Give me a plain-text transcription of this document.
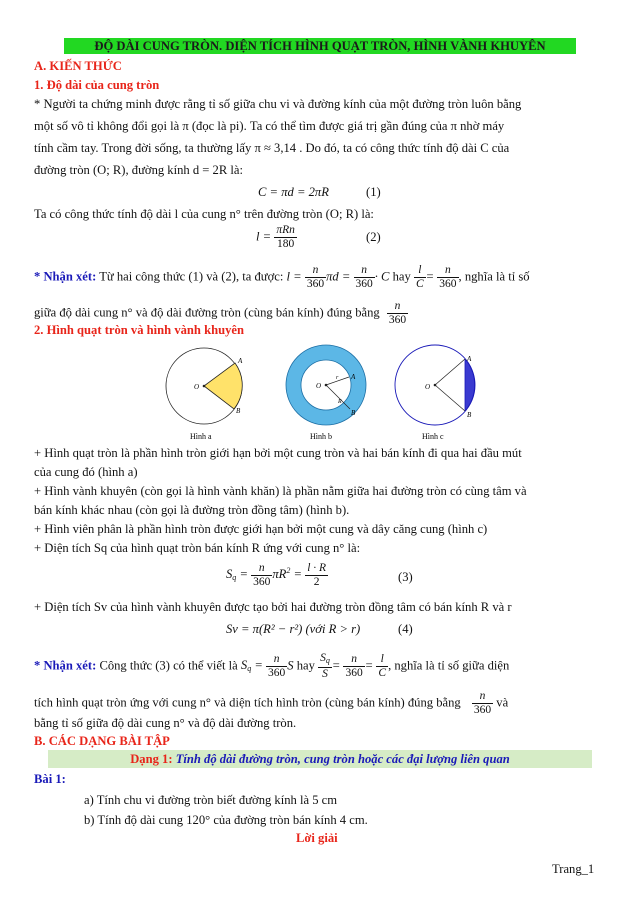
ĐỘ DÀI CUNG TRÒN. DIỆN TÍCH HÌNH QUẠT TRÒN, HÌNH VÀNH KHUYÊN
A. KIẾN THỨC
1. Độ dài của cung tròn
* Người ta chứng minh được rằng tỉ số giữa chu vi và đường kính của một đường tròn luôn bằng
một số vô tỉ không đổi gọi là π (đọc là pi). Ta có thể tìm được giá trị gần đúng của π nhờ máy
tính cầm tay. Trong đời sống, ta thường lấy π ≈ 3,14 . Do đó, ta có công thức tính độ dài C của
đường tròn (O; R), đường kính d = 2R là:
C = πd = 2πR	(1)
Ta có công thức tính độ dài l của cung n° trên đường tròn (O; R) là:
$l = \frac{\text{πRn}}{180}$	(2)
* Nhận xét: Từ hai công thức (1) và (2), ta được: $l = \frac{n}{360}$ $\pi d = \frac{n}{360} \cdot C$ hay $\frac{l}{C} = \frac{n}{360}$ , nghĩa là tỉ số
giữa độ dài cung n° và độ dài đường tròn (cùng bán kính) đúng bằng $\frac{n}{360}$
2. Hình quạt tròn và hình vành khuyên
O
A
B
O
A
B
r
R
O
A
B
Hình a	Hình b	Hình c
+ Hình quạt tròn là phần hình tròn giới hạn bởi một cung tròn và hai bán kính đi qua hai đầu mút
của cung đó (hình a)
+ Hình vành khuyên (còn gọi là hình vành khăn) là phần nằm giữa hai đường tròn có cùng tâm và
bán kính khác nhau (còn gọi là đường tròn đồng tâm) (hình b).
+ Hình viên phân là phần hình tròn được giới hạn bởi một cung và dây căng cung (hình c)
+ Diện tích Sq của hình quạt tròn bán kính R ứng với cung n° là:
$S_q = \frac{n}{360} \pi R^2 = \frac{l \cdot R}{2}$	(3)
+ Diện tích Sv của hình vành khuyên được tạo bởi hai đường tròn đồng tâm có bán kính R và r
Sv = π(R² − r²) (với R > r)	(4)
* Nhận xét: Công thức (3) có thể viết là $S_q = \frac{n}{360}$ S hay $\frac{S_q}{S} = \frac{n}{360} = \frac{l}{C}$ , nghĩa là tỉ số giữa diện
tích hình quạt tròn ứng với cung n° và diện tích hình tròn (cùng bán kính) đúng bằng $\frac{n}{360}$ và
bằng tỉ số giữa độ dài cung n° và độ dài đường tròn.
B. CÁC DẠNG BÀI TẬP
Dạng 1: Tính độ dài đường tròn, cung tròn hoặc các đại lượng liên quan
Bài 1:
a) Tính chu vi đường tròn biết đường kính là 5 cm
b) Tính độ dài cung 120° của đường tròn bán kính 4 cm.
Lời giải
Trang_1
